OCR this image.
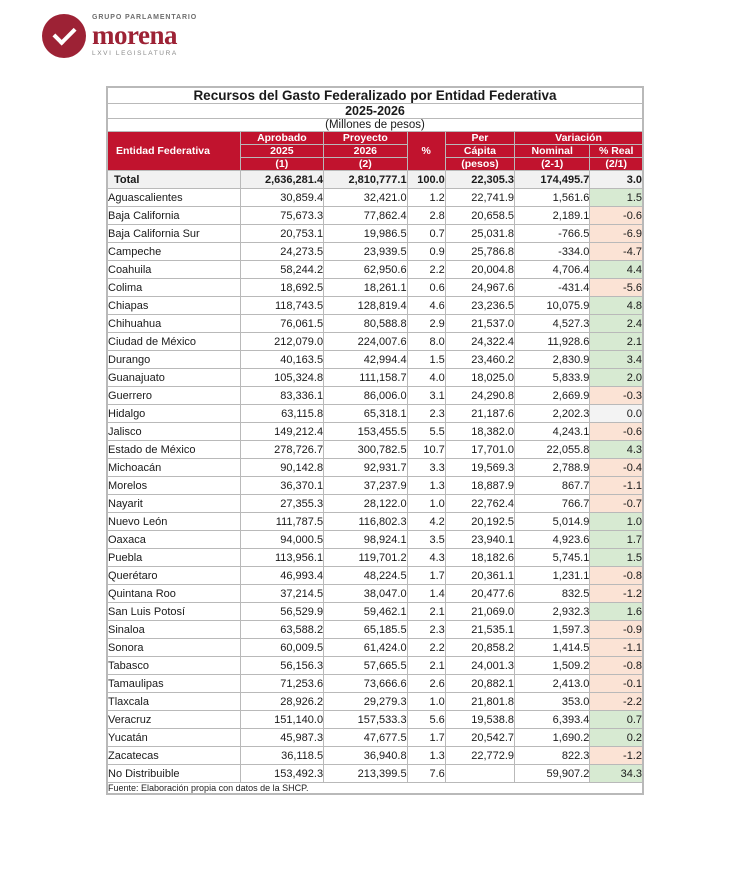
GRUPO PARLAMENTARIO
morena
LXVI LEGISLATURA
Recursos del Gasto Federalizado por Entidad Federativa						
2025-2026						
(Millones de pesos)						
Entidad Federativa	Aprobado	Proyecto	%	Per	Variación	
	2025	2026		Cápita	Nominal	% Real
	(1)	(2)		(pesos)	(2-1)	(2/1)
Total	2,636,281.4	2,810,777.1	100.0	22,305.3	174,495.7	3.0
Aguascalientes	30,859.4	32,421.0	1.2	22,741.9	1,561.6	1.5
Baja California	75,673.3	77,862.4	2.8	20,658.5	2,189.1	-0.6
Baja California Sur	20,753.1	19,986.5	0.7	25,031.8	-766.5	-6.9
Campeche	24,273.5	23,939.5	0.9	25,786.8	-334.0	-4.7
Coahuila	58,244.2	62,950.6	2.2	20,004.8	4,706.4	4.4
Colima	18,692.5	18,261.1	0.6	24,967.6	-431.4	-5.6
Chiapas	118,743.5	128,819.4	4.6	23,236.5	10,075.9	4.8
Chihuahua	76,061.5	80,588.8	2.9	21,537.0	4,527.3	2.4
Ciudad de México	212,079.0	224,007.6	8.0	24,322.4	11,928.6	2.1
Durango	40,163.5	42,994.4	1.5	23,460.2	2,830.9	3.4
Guanajuato	105,324.8	111,158.7	4.0	18,025.0	5,833.9	2.0
Guerrero	83,336.1	86,006.0	3.1	24,290.8	2,669.9	-0.3
Hidalgo	63,115.8	65,318.1	2.3	21,187.6	2,202.3	0.0
Jalisco	149,212.4	153,455.5	5.5	18,382.0	4,243.1	-0.6
Estado de México	278,726.7	300,782.5	10.7	17,701.0	22,055.8	4.3
Michoacán	90,142.8	92,931.7	3.3	19,569.3	2,788.9	-0.4
Morelos	36,370.1	37,237.9	1.3	18,887.9	867.7	-1.1
Nayarit	27,355.3	28,122.0	1.0	22,762.4	766.7	-0.7
Nuevo León	111,787.5	116,802.3	4.2	20,192.5	5,014.9	1.0
Oaxaca	94,000.5	98,924.1	3.5	23,940.1	4,923.6	1.7
Puebla	113,956.1	119,701.2	4.3	18,182.6	5,745.1	1.5
Querétaro	46,993.4	48,224.5	1.7	20,361.1	1,231.1	-0.8
Quintana Roo	37,214.5	38,047.0	1.4	20,477.6	832.5	-1.2
San Luis Potosí	56,529.9	59,462.1	2.1	21,069.0	2,932.3	1.6
Sinaloa	63,588.2	65,185.5	2.3	21,535.1	1,597.3	-0.9
Sonora	60,009.5	61,424.0	2.2	20,858.2	1,414.5	-1.1
Tabasco	56,156.3	57,665.5	2.1	24,001.3	1,509.2	-0.8
Tamaulipas	71,253.6	73,666.6	2.6	20,882.1	2,413.0	-0.1
Tlaxcala	28,926.2	29,279.3	1.0	21,801.8	353.0	-2.2
Veracruz	151,140.0	157,533.3	5.6	19,538.8	6,393.4	0.7
Yucatán	45,987.3	47,677.5	1.7	20,542.7	1,690.2	0.2
Zacatecas	36,118.5	36,940.8	1.3	22,772.9	822.3	-1.2
No Distribuible	153,492.3	213,399.5	7.6		59,907.2	34.3
Fuente: Elaboración propia con datos de la SHCP.						
